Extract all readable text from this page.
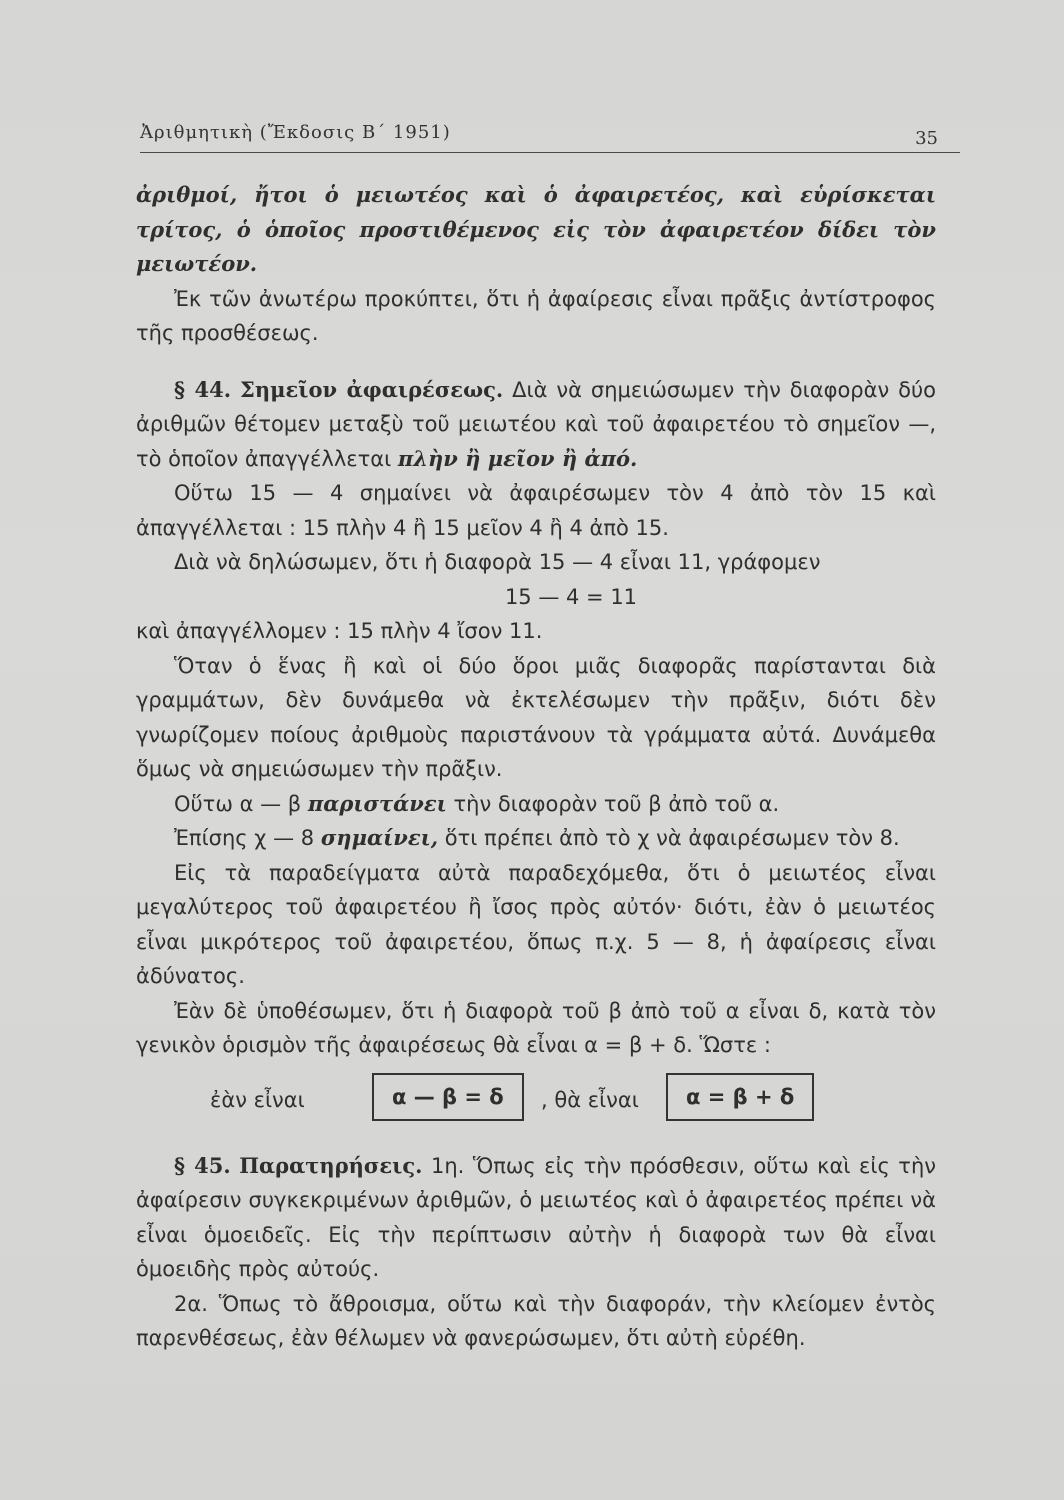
Ἀριθμητικὴ (Ἔκδοσις Β΄ 1951)	35

ἀριθμοί, ἤτοι ὁ μειωτέος καὶ ὁ ἀφαιρετέος, καὶ εὑρίσκεται τρίτος, ὁ ὁποῖος προστιθέμενος εἰς τὸν ἀφαιρετέον δίδει τὸν μειωτέον.

Ἐκ τῶν ἀνωτέρω προκύπτει, ὅτι ἡ ἀφαίρεσις εἶναι πρᾶξις ἀντίστροφος τῆς προσθέσεως.

§ 44. Σημεῖον ἀφαιρέσεως. Διὰ νὰ σημειώσωμεν τὴν διαφορὰν δύο ἀριθμῶν θέτομεν μεταξὺ τοῦ μειωτέου καὶ τοῦ ἀφαιρετέου τὸ σημεῖον —, τὸ ὁποῖον ἀπαγγέλλεται πλὴν ἢ μεῖον ἢ ἀπό.

Οὕτω 15 — 4 σημαίνει νὰ ἀφαιρέσωμεν τὸν 4 ἀπὸ τὸν 15 καὶ ἀπαγγέλλεται : 15 πλὴν 4 ἢ 15 μεῖον 4 ἢ 4 ἀπὸ 15.

Διὰ νὰ δηλώσωμεν, ὅτι ἡ διαφορὰ 15 — 4 εἶναι 11, γράφομεν

15 — 4 = 11

καὶ ἀπαγγέλλομεν : 15 πλὴν 4 ἴσον 11.

Ὅταν ὁ ἕνας ἢ καὶ οἱ δύο ὅροι μιᾶς διαφορᾶς παρίστανται διὰ γραμμάτων, δὲν δυνάμεθα νὰ ἐκτελέσωμεν τὴν πρᾶξιν, διότι δὲν γνωρίζομεν ποίους ἀριθμοὺς παριστάνουν τὰ γράμματα αὐτά. Δυνάμεθα ὅμως νὰ σημειώσωμεν τὴν πρᾶξιν.

Οὕτω α — β παριστάνει τὴν διαφορὰν τοῦ β ἀπὸ τοῦ α.

Ἐπίσης χ — 8 σημαίνει, ὅτι πρέπει ἀπὸ τὸ χ νὰ ἀφαιρέσωμεν τὸν 8.

Εἰς τὰ παραδείγματα αὐτὰ παραδεχόμεθα, ὅτι ὁ μειωτέος εἶναι μεγαλύτερος τοῦ ἀφαιρετέου ἢ ἴσος πρὸς αὐτόν· διότι, ἐὰν ὁ μειωτέος εἶναι μικρότερος τοῦ ἀφαιρετέου, ὅπως π.χ. 5 — 8, ἡ ἀφαίρεσις εἶναι ἀδύνατος.

Ἐὰν δὲ ὑποθέσωμεν, ὅτι ἡ διαφορὰ τοῦ β ἀπὸ τοῦ α εἶναι δ, κατὰ τὸν γενικὸν ὁρισμὸν τῆς ἀφαιρέσεως θὰ εἶναι α = β + δ. Ὥστε :

ἐὰν εἶναι	α — β = δ	, θὰ εἶναι	α = β + δ

§ 45. Παρατηρήσεις. 1η. Ὅπως εἰς τὴν πρόσθεσιν, οὕτω καὶ εἰς τὴν ἀφαίρεσιν συγκεκριμένων ἀριθμῶν, ὁ μειωτέος καὶ ὁ ἀφαιρετέος πρέπει νὰ εἶναι ὁμοειδεῖς. Εἰς τὴν περίπτωσιν αὐτὴν ἡ διαφορὰ των θὰ εἶναι ὁμοειδὴς πρὸς αὐτούς.

2α. Ὅπως τὸ ἄθροισμα, οὕτω καὶ τὴν διαφοράν, τὴν κλείομεν ἐντὸς παρενθέσεως, ἐὰν θέλωμεν νὰ φανερώσωμεν, ὅτι αὐτὴ εὑρέθη.
